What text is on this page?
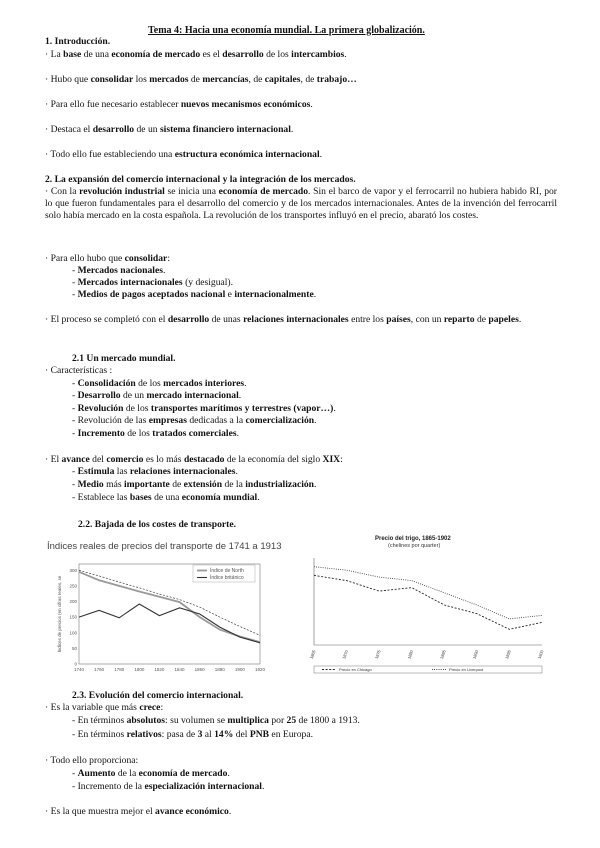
Tema 4: Hacia una economía mundial. La primera globalización.
1. Introducción.
· La base de una economía de mercado es el desarrollo de los intercambios.
· Hubo que consolidar los mercados de mercancías, de capitales, de trabajo…
· Para ello fue necesario establecer nuevos mecanismos económicos.
· Destaca el desarrollo de un sistema financiero internacional.
· Todo ello fue estableciendo una estructura económica internacional.
2. La expansión del comercio internacional y la integración de los mercados.
· Con la revolución industrial se inicia una economía de mercado. Sin el barco de vapor y el ferrocarril no hubiera habido RI, por lo que fueron fundamentales para el desarrollo del comercio y de los mercados internacionales. Antes de la invención del ferrocarril solo había mercado en la costa española. La revolución de los transportes influyó en el precio, abarató los costes.
· Para ello hubo que consolidar:
- Mercados nacionales.
- Mercados internacionales (y desigual).
- Medios de pagos aceptados nacional e internacionalmente.
· El proceso se completó con el desarrollo de unas relaciones internacionales entre los países, con un reparto de papeles.
2.1 Un mercado mundial.
· Características :
- Consolidación de los mercados interiores.
- Desarrollo de un mercado internacional.
- Revolución de los transportes marítimos y terrestres (vapor…).
- Revolución de las empresas dedicadas a la comercialización.
- Incremento de los tratados comerciales.
· El avance del comercio es lo más destacado de la economía del siglo XIX:
- Estimula las relaciones internacionales.
- Medio más importante de extensión de la industrialización.
- Establece las bases de una economía mundial.
2.2. Bajada de los costes de transporte.
Índices reales de precios del transporte de 1741 a 1913
0
50
100
150
200
250
300
1740 1760 1780 1800 1820 1840 1860 1880 1900 1920
Índices de precios (en cifras reales, se
Índice de North
Índice británico
Precio del trigo, 1865-1902
(chelines por quarter)
1865	1870	1875	1880	1885	1890	1895	1900
Precio en Chicago	Precio en Liverpool
2.3. Evolución del comercio internacional.
· Es la variable que más crece:
- En términos absolutos: su volumen se multiplica por 25 de 1800 a 1913.
- En términos relativos: pasa de 3 al 14% del PNB en Europa.
· Todo ello proporciona:
- Aumento de la economía de mercado.
- Incremento de la especialización internacional.
· Es la que muestra mejor el avance económico.
